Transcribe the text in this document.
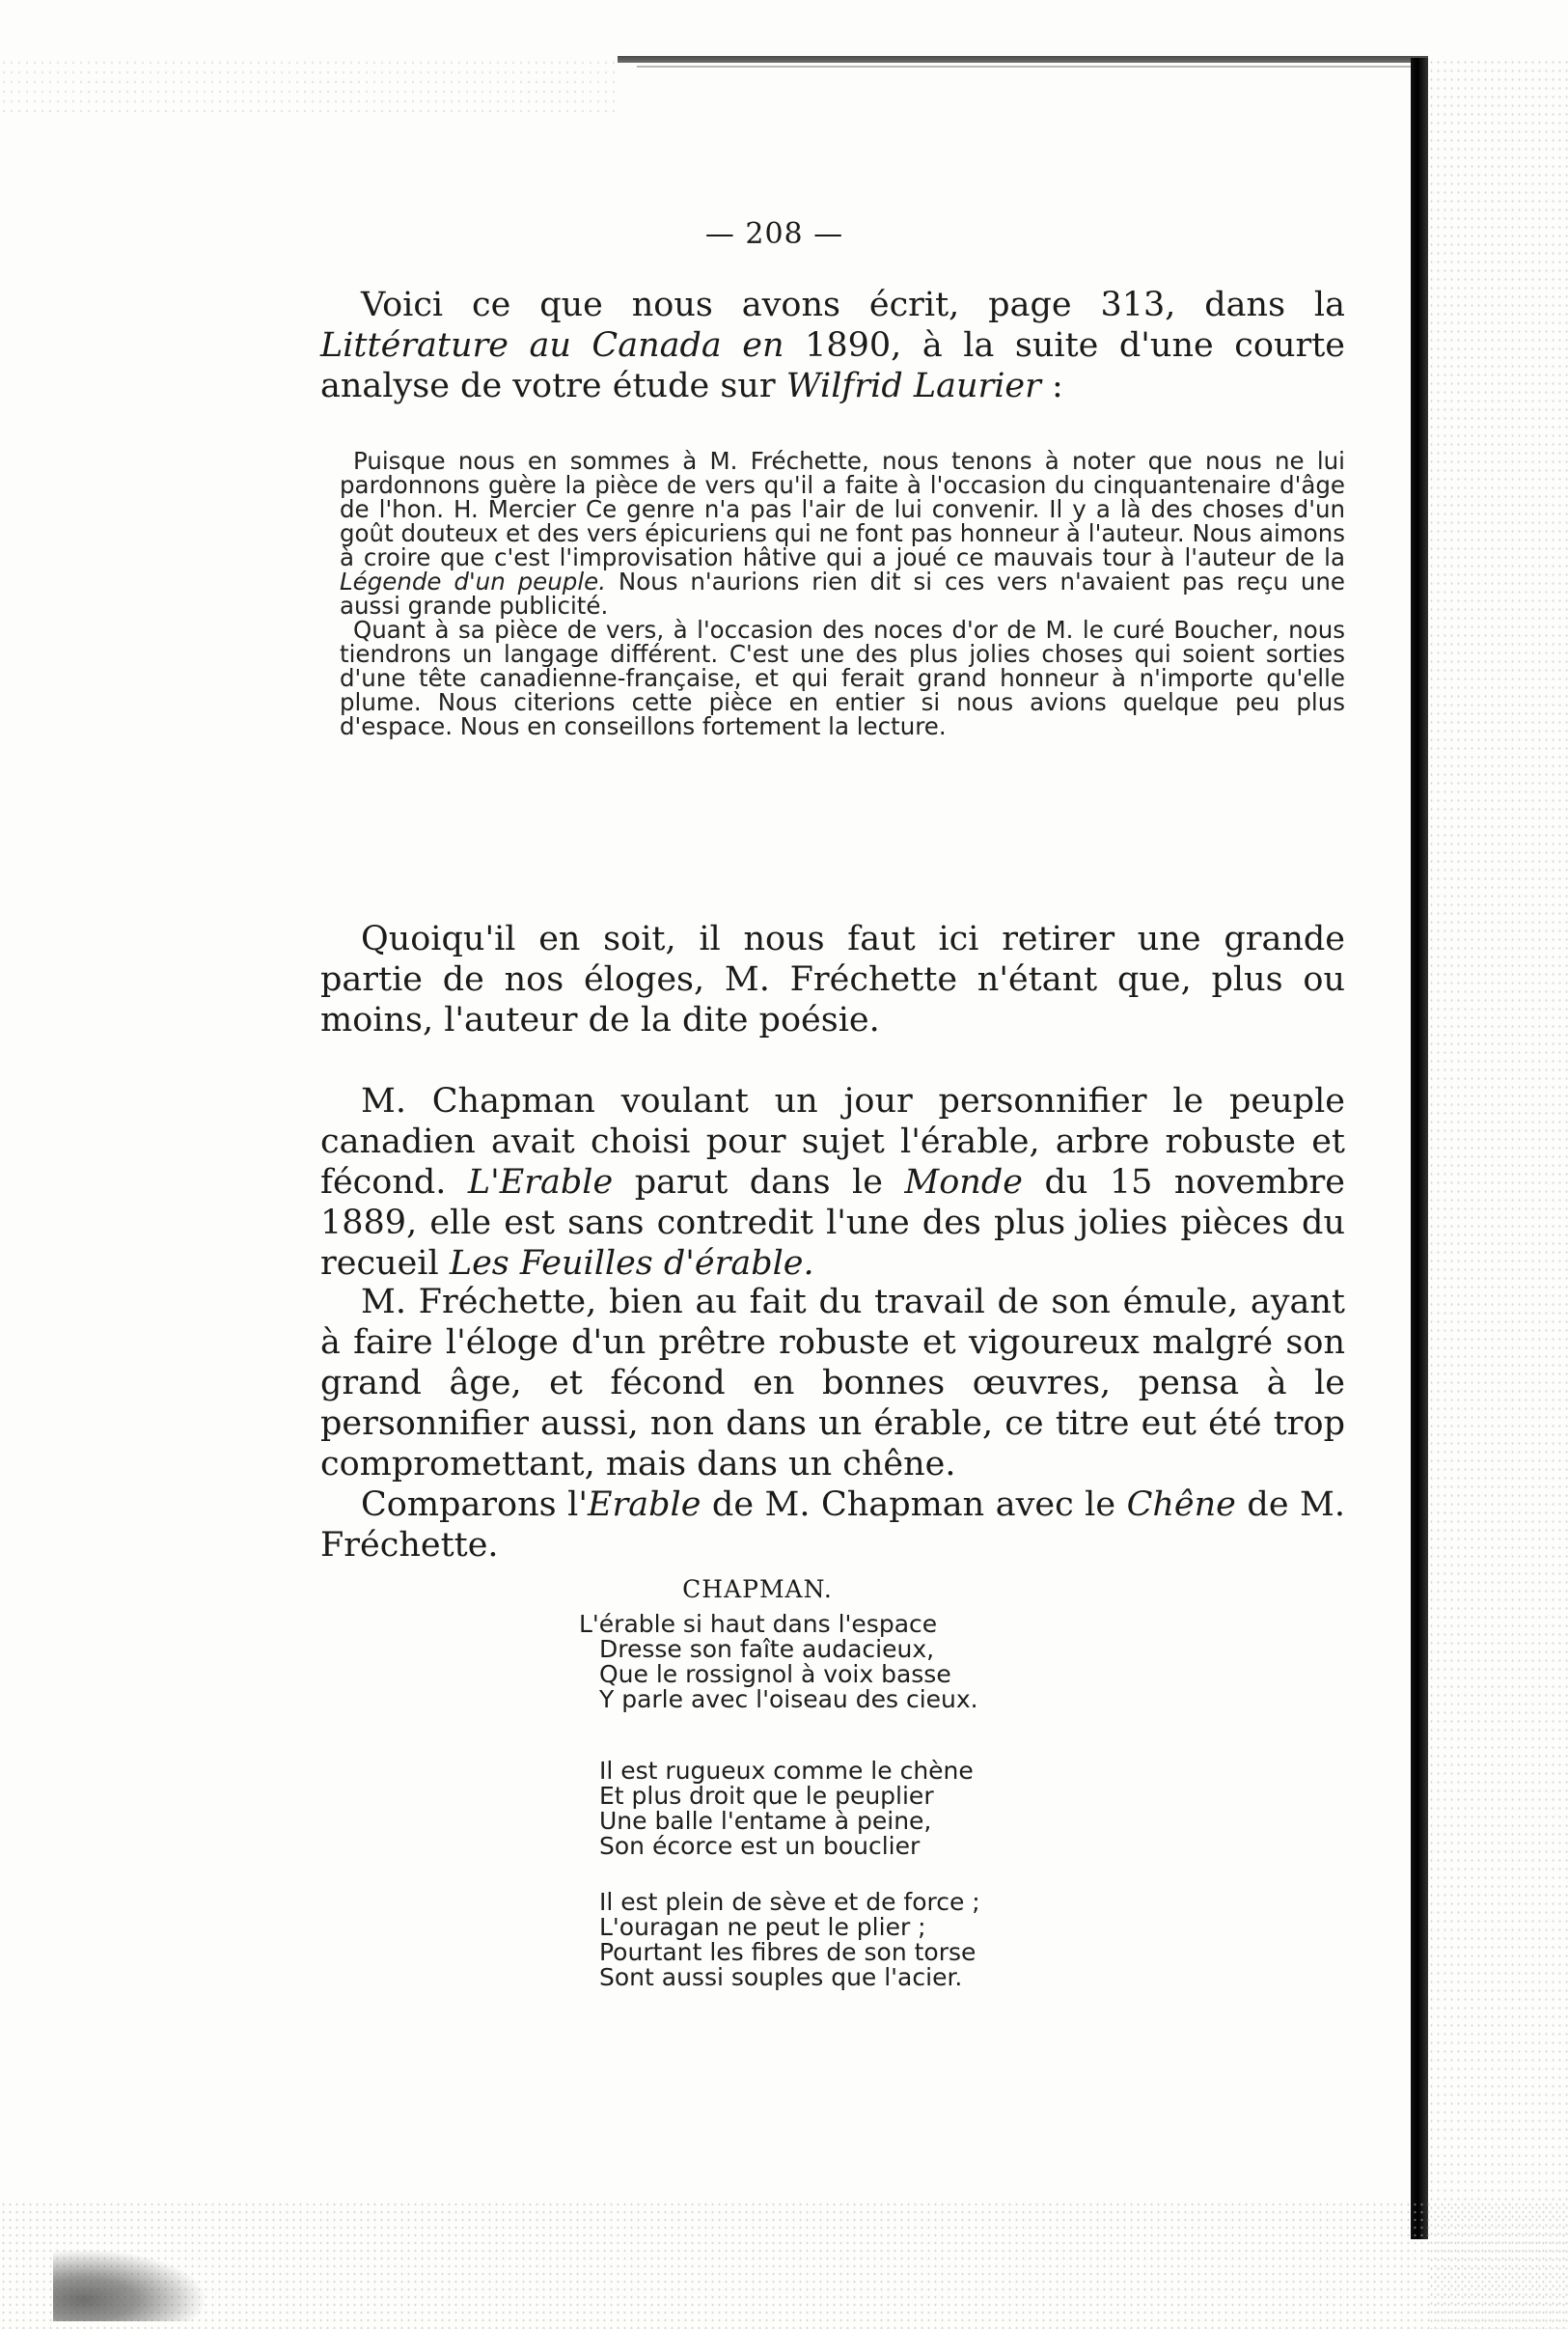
— 208 —
Voici ce que nous avons écrit, page 313, dans la Littérature au Canada en 1890, à la suite d'une courte analyse de votre étude sur Wilfrid Laurier :

Puisque nous en sommes à M. Fréchette, nous tenons à noter que nous ne lui pardonnons guère la pièce de vers qu'il a faite à l'occasion du cinquantenaire d'âge de l'hon. H. Mercier Ce genre n'a pas l'air de lui convenir. Il y a là des choses d'un goût douteux et des vers épicuriens qui ne font pas honneur à l'auteur. Nous aimons à croire que c'est l'improvisation hâtive qui a joué ce mauvais tour à l'auteur de la Légende d'un peuple. Nous n'aurions rien dit si ces vers n'avaient pas reçu une aussi grande publicité.

Quant à sa pièce de vers, à l'occasion des noces d'or de M. le curé Boucher, nous tiendrons un langage différent. C'est une des plus jolies choses qui soient sorties d'une tête canadienne-française, et qui ferait grand honneur à n'importe qu'elle plume. Nous citerions cette pièce en entier si nous avions quelque peu plus d'espace. Nous en conseillons fortement la lecture.

Quoiqu'il en soit, il nous faut ici retirer une grande partie de nos éloges, M. Fréchette n'étant que, plus ou moins, l'auteur de la dite poésie.
M. Chapman voulant un jour personnifier le peuple canadien avait choisi pour sujet l'érable, arbre robuste et fécond. L'Erable parut dans le Monde du 15 novembre 1889, elle est sans contredit l'une des plus jolies pièces du recueil Les Feuilles d'érable.
M. Fréchette, bien au fait du travail de son émule, ayant à faire l'éloge d'un prêtre robuste et vigoureux malgré son grand âge, et fécond en bonnes œuvres, pensa à le personnifier aussi, non dans un érable, ce titre eut été trop compromettant, mais dans un chêne.
Comparons l'Erable de M. Chapman avec le Chêne de M. Fréchette.
CHAPMAN.
L'érable si haut dans l'espace
Dresse son faîte audacieux,
Que le rossignol à voix basse
Y parle avec l'oiseau des cieux.
Il est rugueux comme le chène
Et plus droit que le peuplier
Une balle l'entame à peine,
Son écorce est un bouclier
Il est plein de sève et de force ;
L'ouragan ne peut le plier ;
Pourtant les fibres de son torse
Sont aussi souples que l'acier.
